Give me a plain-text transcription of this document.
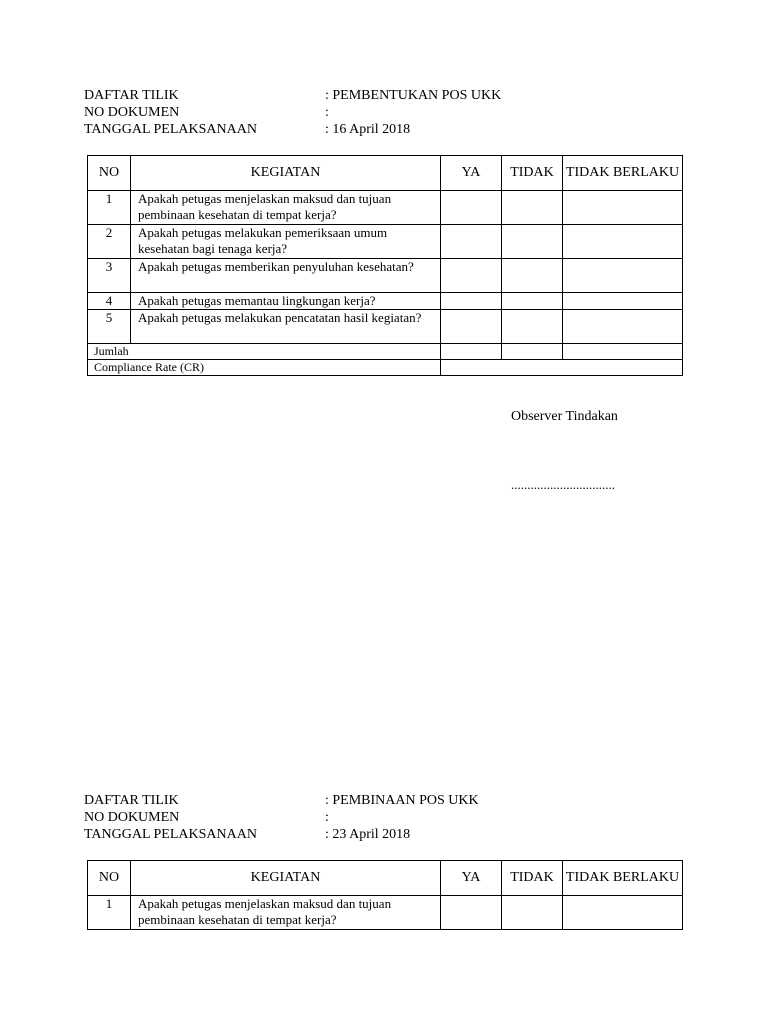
DAFTAR TILIK	: PEMBENTUKAN POS UKK
NO DOKUMEN	:
TANGGAL PELAKSANAAN	: 16 April 2018
NO	KEGIATAN	YA	TIDAK	TIDAK BERLAKU
1	Apakah petugas menjelaskan maksud dan tujuan pembinaan kesehatan di tempat kerja?			
2	Apakah petugas melakukan pemeriksaan umum kesehatan bagi tenaga kerja?			
3	Apakah petugas memberikan penyuluhan kesehatan?			
4	Apakah petugas memantau lingkungan kerja?			
5	Apakah petugas melakukan pencatatan hasil kegiatan?			
Jumlah				
Compliance Rate (CR)				
Observer Tindakan
................................
DAFTAR TILIK	: PEMBINAAN POS UKK
NO DOKUMEN	:
TANGGAL PELAKSANAAN	: 23 April 2018
NO	KEGIATAN	YA	TIDAK	TIDAK BERLAKU
1	Apakah petugas menjelaskan maksud dan tujuan pembinaan kesehatan di tempat kerja?			
